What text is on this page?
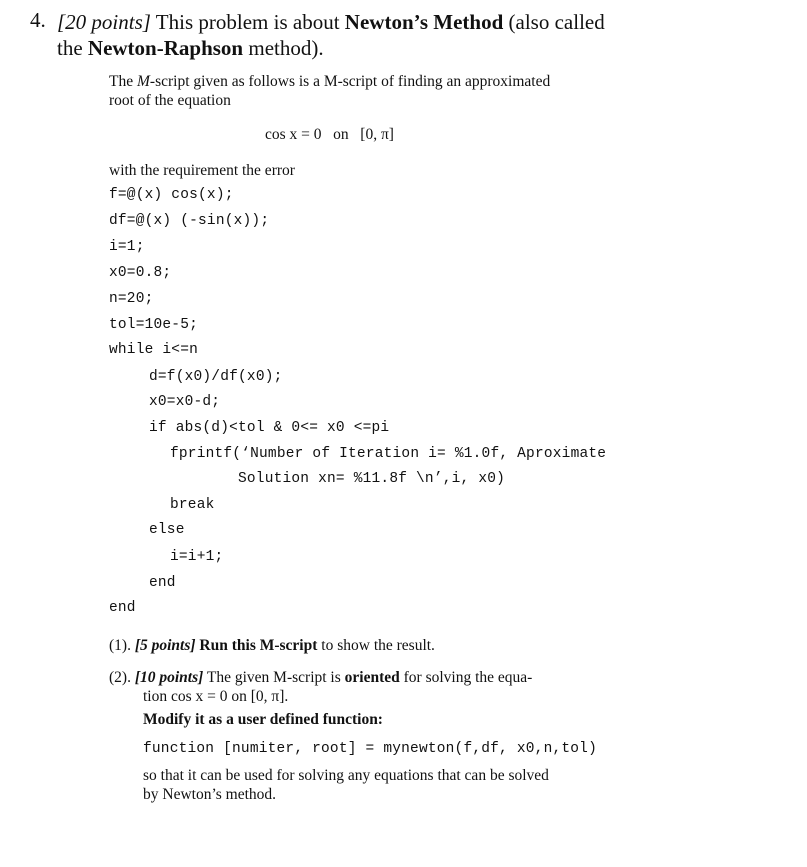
4. [20 points] This problem is about Newton’s Method (also called
the Newton-Raphson method).
The M-script given as follows is a M-script of finding an approximated
root of the equation
cos x = 0   on   [0, π]
with the requirement the error
f=@(x) cos(x);
df=@(x) (-sin(x));
i=1;
x0=0.8;
n=20;
tol=10e-5;
while i<=n
d=f(x0)/df(x0);
x0=x0-d;
if abs(d)<tol & 0<= x0 <=pi
fprintf(‘Number of Iteration i= %1.0f, Aproximate
Solution xn= %11.8f \n’,i, x0)
break
else
i=i+1;
end
end
(1). [5 points] Run this M-script to show the result.
(2). [10 points] The given M-script is oriented for solving the equa-
tion cos x = 0 on [0, π].
Modify it as a user defined function:
function [numiter, root] = mynewton(f,df, x0,n,tol)
so that it can be used for solving any equations that can be solved
by Newton’s method.
